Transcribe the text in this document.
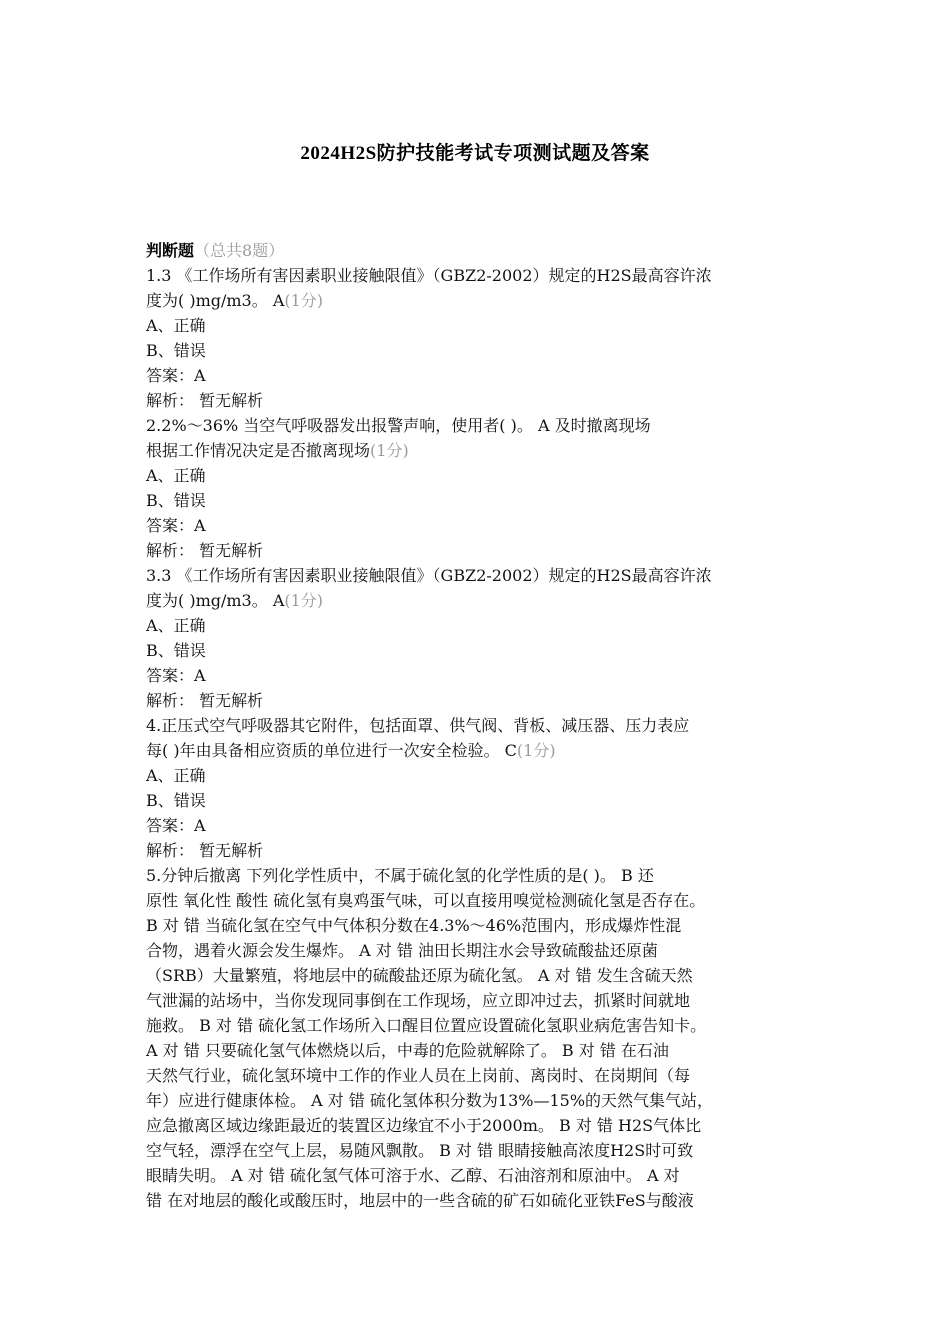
2024H2S防护技能考试专项测试题及答案
判断题（总共8题）
1.3 《工作场所有害因素职业接触限值》（GBZ2-2002）规定的H2S最高容许浓
度为( )mg/m3。 A(1分)
A、正确
B、错误
答案：A
解析： 暂无解析
2.2%～36% 当空气呼吸器发出报警声响，使用者( )。 A 及时撤离现场
根据工作情况决定是否撤离现场(1分)
A、正确
B、错误
答案：A
解析： 暂无解析
3.3 《工作场所有害因素职业接触限值》（GBZ2-2002）规定的H2S最高容许浓
度为( )mg/m3。 A(1分)
A、正确
B、错误
答案：A
解析： 暂无解析
4.正压式空气呼吸器其它附件，包括面罩、供气阀、背板、减压器、压力表应
每( )年由具备相应资质的单位进行一次安全检验。 C(1分)
A、正确
B、错误
答案：A
解析： 暂无解析
5.分钟后撤离 下列化学性质中，不属于硫化氢的化学性质的是( )。 B 还
原性 氧化性 酸性 硫化氢有臭鸡蛋气味，可以直接用嗅觉检测硫化氢是否存在。
B 对 错 当硫化氢在空气中气体积分数在4.3%～46%范围内，形成爆炸性混
合物，遇着火源会发生爆炸。 A 对 错 油田长期注水会导致硫酸盐还原菌
（SRB）大量繁殖，将地层中的硫酸盐还原为硫化氢。 A 对 错 发生含硫天然
气泄漏的站场中，当你发现同事倒在工作现场，应立即冲过去，抓紧时间就地
施救。 B 对 错 硫化氢工作场所入口醒目位置应设置硫化氢职业病危害告知卡。
A 对 错 只要硫化氢气体燃烧以后，中毒的危险就解除了。 B 对 错 在石油
天然气行业，硫化氢环境中工作的作业人员在上岗前、离岗时、在岗期间（每
年）应进行健康体检。 A 对 错 硫化氢体积分数为13%—15%的天然气集气站，
应急撤离区域边缘距最近的装置区边缘宜不小于2000m。 B 对 错 H2S气体比
空气轻，漂浮在空气上层，易随风飘散。 B 对 错 眼睛接触高浓度H2S时可致
眼睛失明。 A 对 错 硫化氢气体可溶于水、乙醇、石油溶剂和原油中。 A 对
错 在对地层的酸化或酸压时，地层中的一些含硫的矿石如硫化亚铁FeS与酸液
